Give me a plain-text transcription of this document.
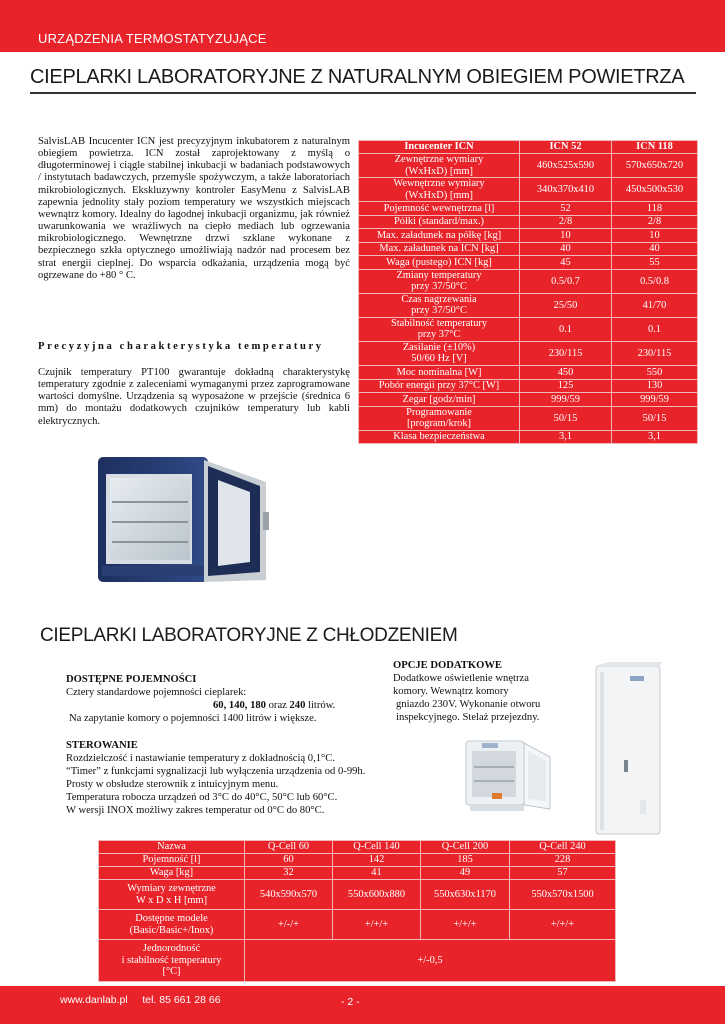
URZĄDZENIA TERMOSTATYZUJĄCE
CIEPLARKI LABORATORYJNE Z NATURALNYM OBIEGIEM POWIETRZA

SalvisLAB Incucenter ICN jest precyzyjnym inkubatorem z naturalnym obiegiem powietrza. ICN został zaprojektowany z myślą o długoterminowej i ciągle stabilnej inkubacji w badaniach podstawowych / instytutach badawczych, przemyśle spożywczym, a także laboratoriach mikrobiologicznych. Ekskluzywny kontroler EasyMenu z SalvisLAB zapewnia jednolity stały poziom temperatury we wszystkich miejscach wewnątrz komory. Idealny do łagodnej inkubacji organizmu, jak również uwarunkowania we wrażliwych na ciepło mediach lub ogrzewania mikrobiologicznego. Wewnętrzne drzwi szklane wykonane z bezpiecznego szkła optycznego umożliwiają nadzór nad procesem bez strat energii cieplnej. Do wsparcia odkażania, urządzenia mogą być ogrzewane do +80 ° C.

Precyzyjna charakterystyka temperatury

Czujnik temperatury PT100 gwarantuje dokładną charakterystykę temperatury zgodnie z zaleceniami wymaganymi przez zaprogramowane wartości domyślne. Urządzenia są wyposażone w przejście (średnica 6 mm) do montażu dodatkowych czujników temperatury lub kabli elektrycznych.

Incucenter ICN	ICN 52	ICN 118
Zewnętrzne wymiary
(WxHxD) [mm]	460x525x590	570x650x720
Wewnętrzne wymiary
(WxHxD) [mm]	340x370x410	450x500x530
Pojemność wewnętrzna [l]	52	118
Półki (standard/max.)	2/8	2/8
Max. załadunek na półkę [kg]	10	10
Max. załadunek na ICN [kg]	40	40
Waga (pustego) ICN [kg]	45	55
Zmiany temperatury
przy 37/50°C	0.5/0.7	0.5/0.8
Czas nagrzewania
przy 37/50°C	25/50	41/70
Stabilność temperatury
przy 37°C	0.1	0.1
Zasilanie (±10%)
50/60 Hz [V]	230/115	230/115
Moc nominalna [W]	450	550
Pobór energii przy 37°C [W]	125	130
Zegar [godz/min]	999/59	999/59
Programowanie
[program/krok]	50/15	50/15
Klasa bezpieczeństwa	3,1	3,1
CIEPLARKI LABORATORYJNE Z CHŁODZENIEM
DOSTĘPNE POJEMNOŚCI
Cztery standardowe pojemności cieplarek:
60, 140, 180 oraz 240 litrów.
Na zapytanie komory o pojemności 1400 litrów i większe.
OPCJE DODATKOWE
Dodatkowe oświetlenie wnętrza
komory. Wewnątrz komory
gniazdo 230V. Wykonanie otworu
inspekcyjnego. Stelaż przejezdny.
STEROWANIE
Rozdzielczość i nastawianie temperatury z dokładnością 0,1°C.
“Timer” z funkcjami sygnalizacji lub wyłączenia urządzenia od 0-99h.
Prosty w obsłudze sterownik z intuicyjnym menu.
Temperatura robocza urządzeń od 3°C do 40°C, 50°C lub 60°C.
W wersji INOX możliwy zakres temperatur od 0°C do 80°C.
Nazwa	Q-Cell 60	Q-Cell 140	Q-Cell 200	Q-Cell 240
Pojemność [l]	60	142	185	228
Waga [kg]	32	41	49	57
Wymiary zewnętrzne
W x D x H [mm]	540x590x570	550x600x880	550x630x1170	550x570x1500
Dostępne modele
(Basic/Basic+/Inox)	+/-/+	+/+/+	+/+/+	+/+/+
Jednorodność
i stabilność temperatury
[°C]	+/-0,5			
www.danlab.pl tel. 85 661 28 66	- 2 -
